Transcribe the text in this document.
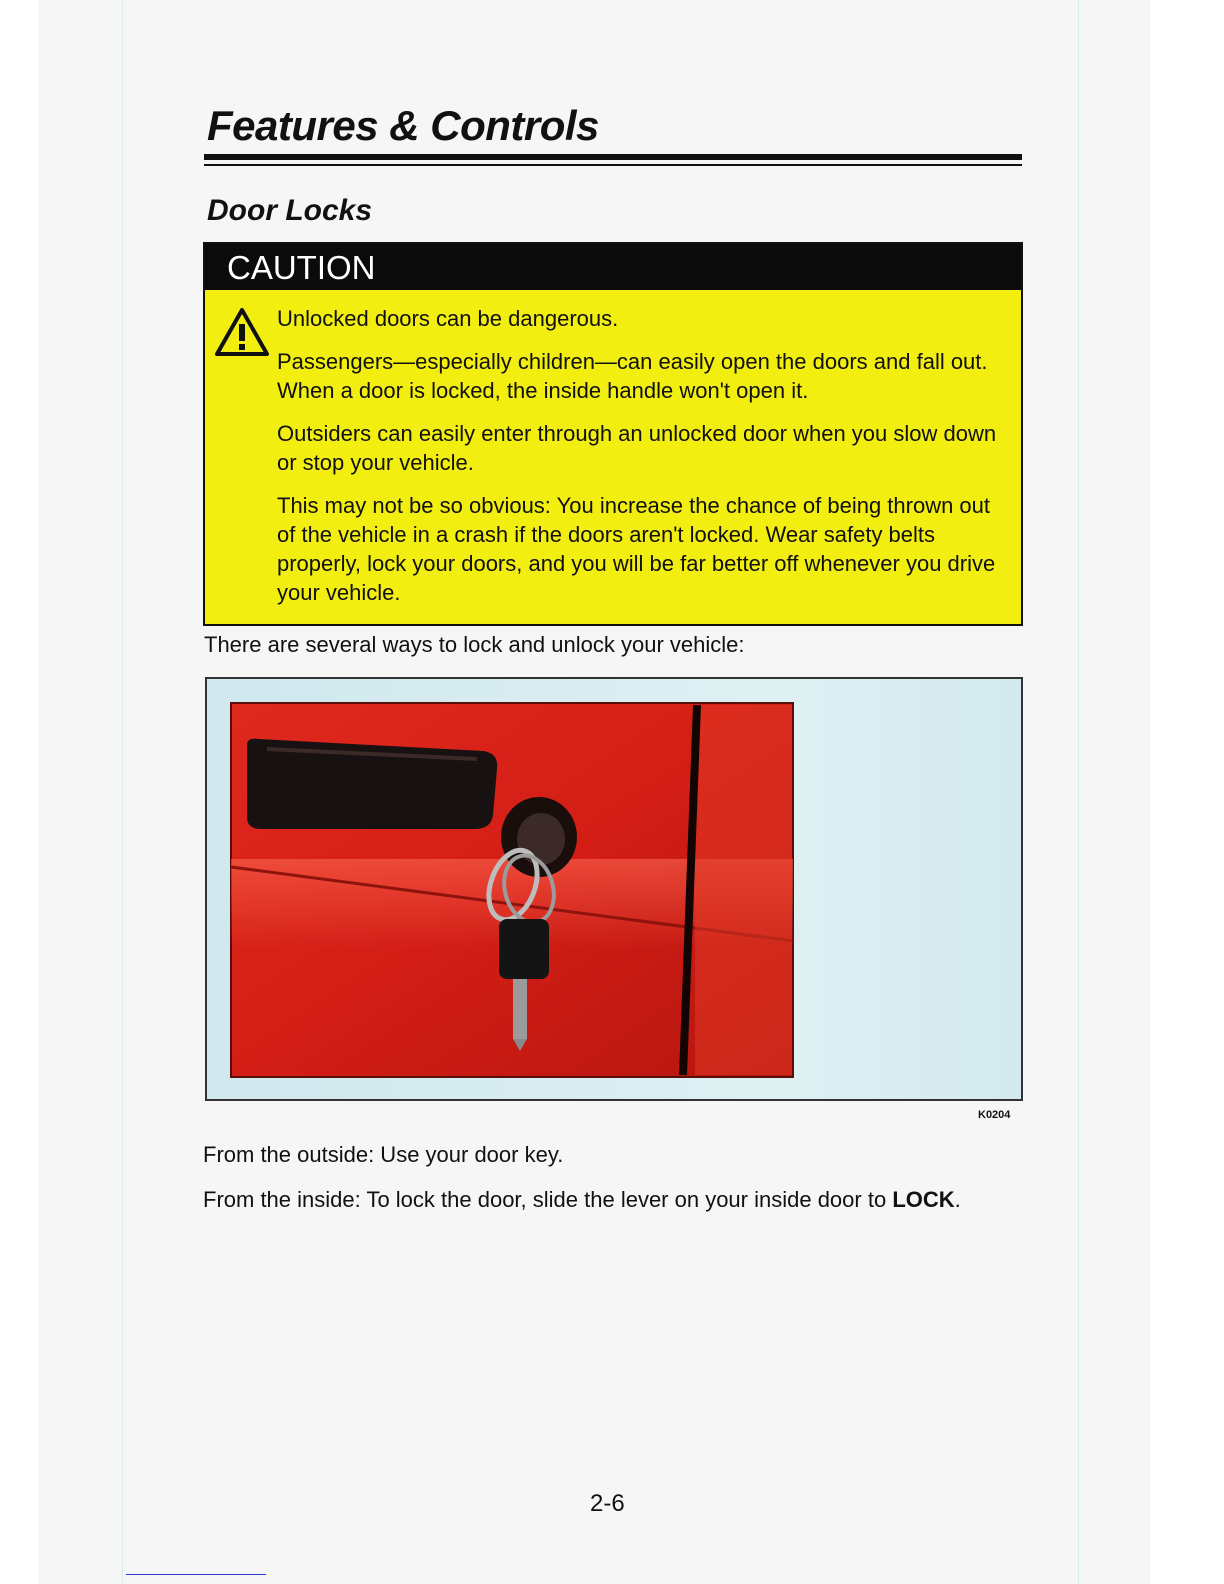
Features & Controls
Door Locks
CAUTION

Unlocked doors can be dangerous.

Passengers—especially children—can easily open the doors and fall out. When a door is locked, the inside handle won't open it.

Outsiders can easily enter through an unlocked door when you slow down or stop your vehicle.

This may not be so obvious: You increase the chance of being thrown out of the vehicle in a crash if the doors aren't locked. Wear safety belts properly, lock your doors, and you will be far better off whenever you drive your vehicle.

There are several ways to lock and unlock your vehicle:
K0204
From the outside: Use your door key.
From the inside: To lock the door, slide the lever on your inside door to LOCK.
2-6
